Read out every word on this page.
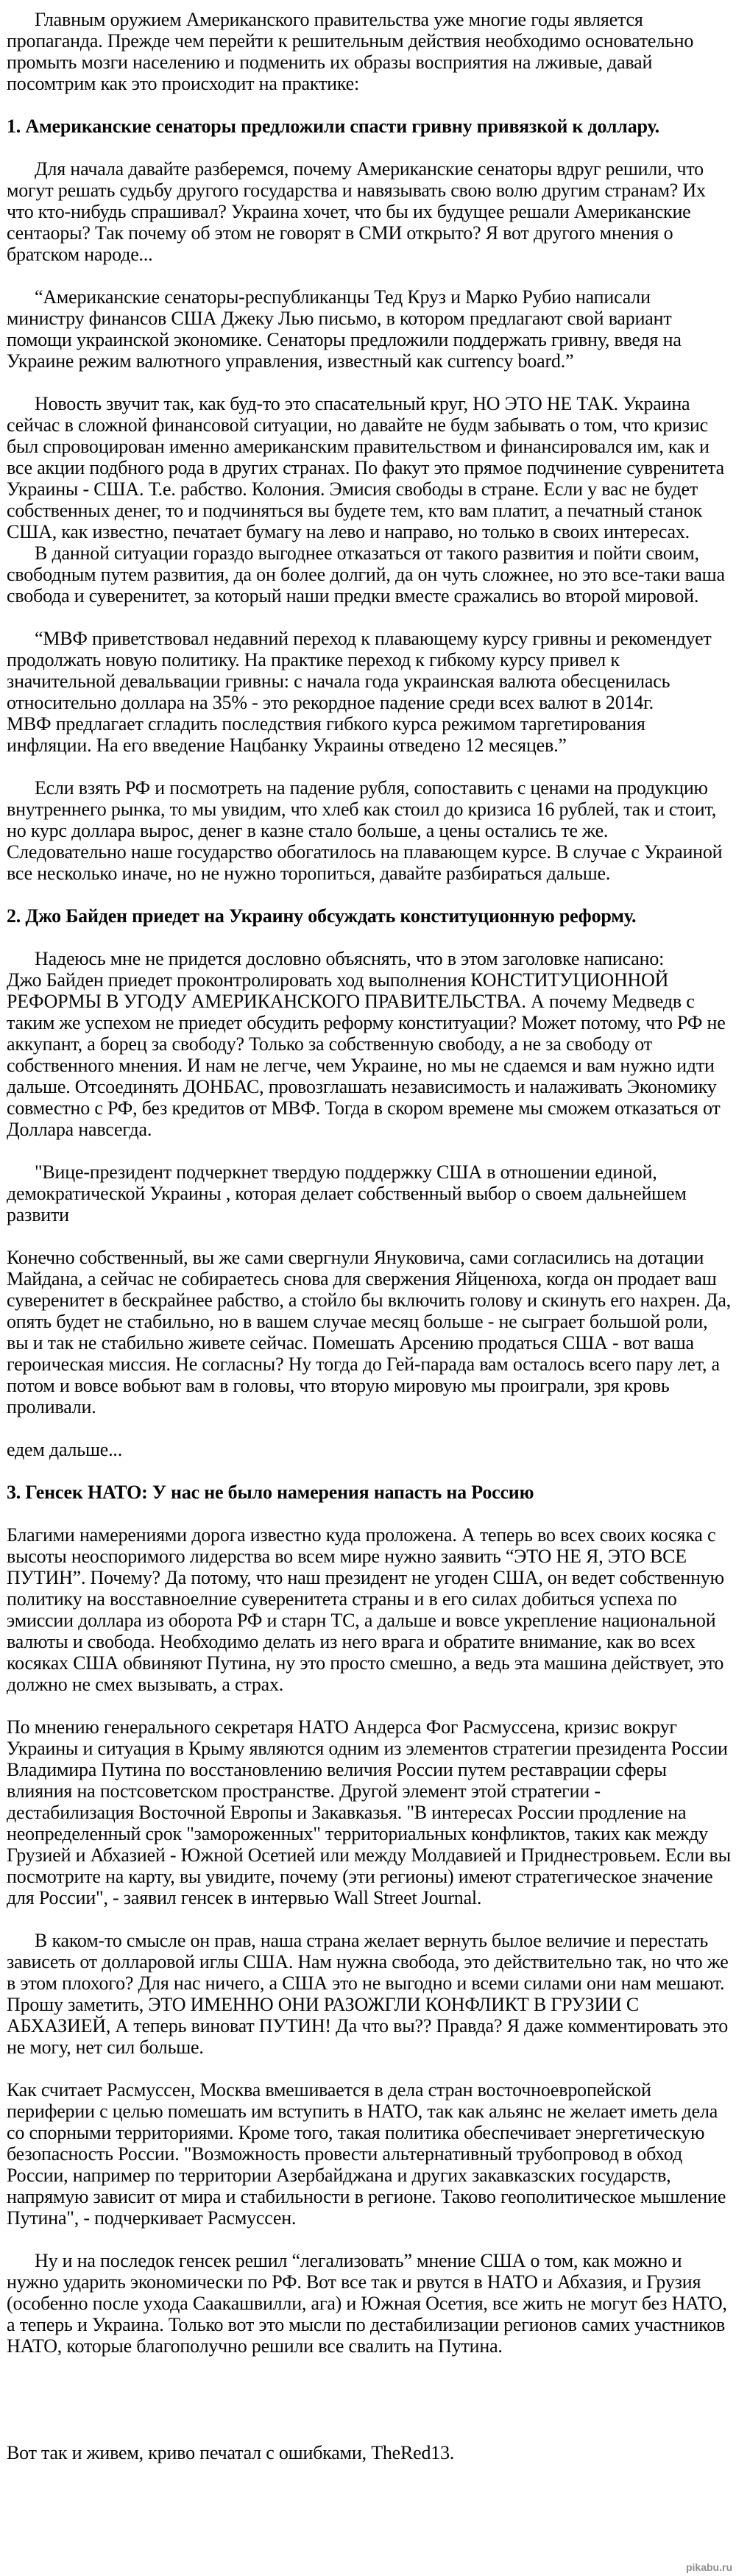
Главным оружием Американского правительства уже многие годы является пропаганда. Прежде чем перейти к решительным действия необходимо основательно промыть мозги населению и подменить их образы восприятия на лживые, давай посомтрим как это происходит на практике:

1. Американские сенаторы предложили спасти гривну привязкой к доллару.

Для начала давайте разберемся, почему Американские сенаторы вдруг решили, что могут решать судьбу другого государства и навязывать свою волю другим странам? Их что кто-нибудь спрашивал? Украина хочет, что бы их будущее решали Американские сентаоры? Так почему об этом не говорят в СМИ открыто? Я вот другого мнения о братском народе...

“Американские сенаторы-республиканцы Тед Круз и Марко Рубио написали министру финансов США Джеку Лью письмо, в котором предлагают свой вариант помощи украинской экономике. Сенаторы предложили поддержать гривну, введя на Украине режим валютного управления, известный как currency board.”

Новость звучит так, как буд-то это спасательный круг, НО ЭТО НЕ ТАК. Украина сейчас в сложной финансовой ситуации, но давайте не будм забывать о том, что кризис был спровоцирован именно американским правительством и финансировался им, как и все акции подбного рода в других странах. По факут это прямое подчинение сувренитета Украины - США. Т.е. рабство. Колония. Эмисия свободы в стране. Если у вас не будет собственных денег, то и подчиняться вы будете тем, кто вам платит, а печатный станок США, как известно, печатает бумагу на лево и направо, но только в своих интересах.

В данной ситуации гораздо выгоднее отказаться от такого развития и пойти своим, свободным путем развития, да он более долгий, да он чуть сложнее, но это все-таки ваша свобода и суверенитет, за который наши предки вместе сражались во второй мировой.

“МВФ приветствовал недавний переход к плавающему курсу гривны и рекомендует продолжать новую политику. На практике переход к гибкому курсу привел к значительной девальвации гривны: с начала года украинская валюта обесценилась относительно доллара на 35% - это рекордное падение среди всех валют в 2014г.

МВФ предлагает сгладить последствия гибкого курса режимом таргетирования инфляции. На его введение Нацбанку Украины отведено 12 месяцев.”

Если взять РФ и посмотреть на падение рубля, сопоставить с ценами на продукцию внутреннего рынка, то мы увидим, что хлеб как стоил до кризиса 16 рублей, так и стоит, но курс доллара вырос, денег в казне стало больше, а цены остались те же. Следовательно наше государство обогатилось на плавающем курсе. В случае с Украиной все несколько иначе, но не нужно торопиться, давайте разбираться дальше.

2. Джо Байден приедет на Украину обсуждать конституционную реформу.

Надеюсь мне не придется дословно объяснять, что в этом заголовке написано:

Джо Байден приедет проконтролировать ход выполнения КОНСТИТУЦИОННОЙ РЕФОРМЫ В УГОДУ АМЕРИКАНСКОГО ПРАВИТЕЛЬСТВА. А почему Медведв с таким же успехом не приедет обсудить реформу конституации? Может потому, что РФ не аккупант, а борец за свободу? Только за собственную свободу, а не за свободу от собственного мнения. И нам не легче, чем Украине, но мы не сдаемся и вам нужно идти дальше. Отсоединять ДОНБАС, провозглашать независимость и налаживать Экономику совместно с РФ, без кредитов от МВФ. Тогда в скором времене мы сможем отказаться от Доллара навсегда.

"Вице-президент подчеркнет твердую поддержку США в отношении единой, демократической Украины , которая делает собственный выбор о своем дальнейшем развити

Конечно собственный, вы же сами свергнули Януковича, сами согласились на дотации Майдана, а сейчас не собираетесь снова для свержения Яйценюха, когда он продает ваш суверенитет в бескрайнее рабство, а стойло бы включить голову и скинуть его нахрен. Да, опять будет не стабильно, но в вашем случае месяц больше - не сыграет большой роли, вы и так не стабильно живете сейчас. Помешать Арсению продаться США - вот ваша героическая миссия. Не согласны? Ну тогда до Гей-парада вам осталось всего пару лет, а потом и вовсе вобьют вам в головы, что вторую мировую мы проиграли, зря кровь проливали.

едем дальше...

3. Генсек НАТО: У нас не было намерения напасть на Россию

Благими намерениями дорога известно куда проложена. А теперь во всех своих косяка с высоты неоспоримого лидерства во всем мире нужно заявить “ЭТО НЕ Я, ЭТО ВСЕ ПУТИН”. Почему? Да потому, что наш президент не угоден США, он ведет собственную политику на восставноелние суверенитета страны и в его силах добиться успеха по эмиссии доллара из оборота РФ и старн ТС, а дальше и вовсе укрепление национальной валюты и свобода. Необходимо делать из него врага и обратите внимание, как во всех косяках США обвиняют Путина, ну это просто смешно, а ведь эта машина действует, это должно не смех вызывать, а страх.

По мнению генерального секретаря НАТО Андерса Фог Расмуссена, кризис вокруг Украины и ситуация в Крыму являются одним из элементов стратегии президента России Владимира Путина по восстановлению величия России путем реставрации сферы влияния на постсоветском пространстве. Другой элемент этой стратегии - дестабилизация Восточной Европы и Закавказья. "В интересах России продление на неопределенный срок "замороженных" территориальных конфликтов, таких как между Грузией и Абхазией - Южной Осетией или между Молдавией и Приднестровьем. Если вы посмотрите на карту, вы увидите, почему (эти регионы) имеют стратегическое значение для России", - заявил генсек в интервью Wall Street Journal.

В каком-то смысле он прав, наша страна желает вернуть былое величие и перестать зависеть от долларовой иглы США. Нам нужна свобода, это действительно так, но что же в этом плохого? Для нас ничего, а США это не выгодно и всеми силами они нам мешают. Прошу заметить, ЭТО ИМЕННО ОНИ РАЗОЖГЛИ КОНФЛИКТ В ГРУЗИИ С АБХАЗИЕЙ, А теперь виноват ПУТИН! Да что вы?? Правда? Я даже комментировать это не могу, нет сил больше.

Как считает Расмуссен, Москва вмешивается в дела стран восточноевропейской периферии с целью помешать им вступить в НАТО, так как альянс не желает иметь дела со спорными территориями. Кроме того, такая политика обеспечивает энергетическую безопасность России. "Возможность провести альтернативный трубопровод в обход России, например по территории Азербайджана и других закавказских государств, напрямую зависит от мира и стабильности в регионе. Таково геополитическое мышление Путина", - подчеркивает Расмуссен.

Ну и на последок генсек решил “легализовать” мнение США о том, как можно и нужно ударить экономически по РФ. Вот все так и рвутся в НАТО и Абхазия, и Грузия (особенно после ухода Саакашвилли, ага) и Южная Осетия, все жить не могут без НАТО, а теперь и Украина. Только вот это мысли по дестабилизации регионов самих участников НАТО, которые благополучно решили все свалить на Путина.

Вот так и живем, криво печатал с ошибками, TheRed13.

pikabu.ru
